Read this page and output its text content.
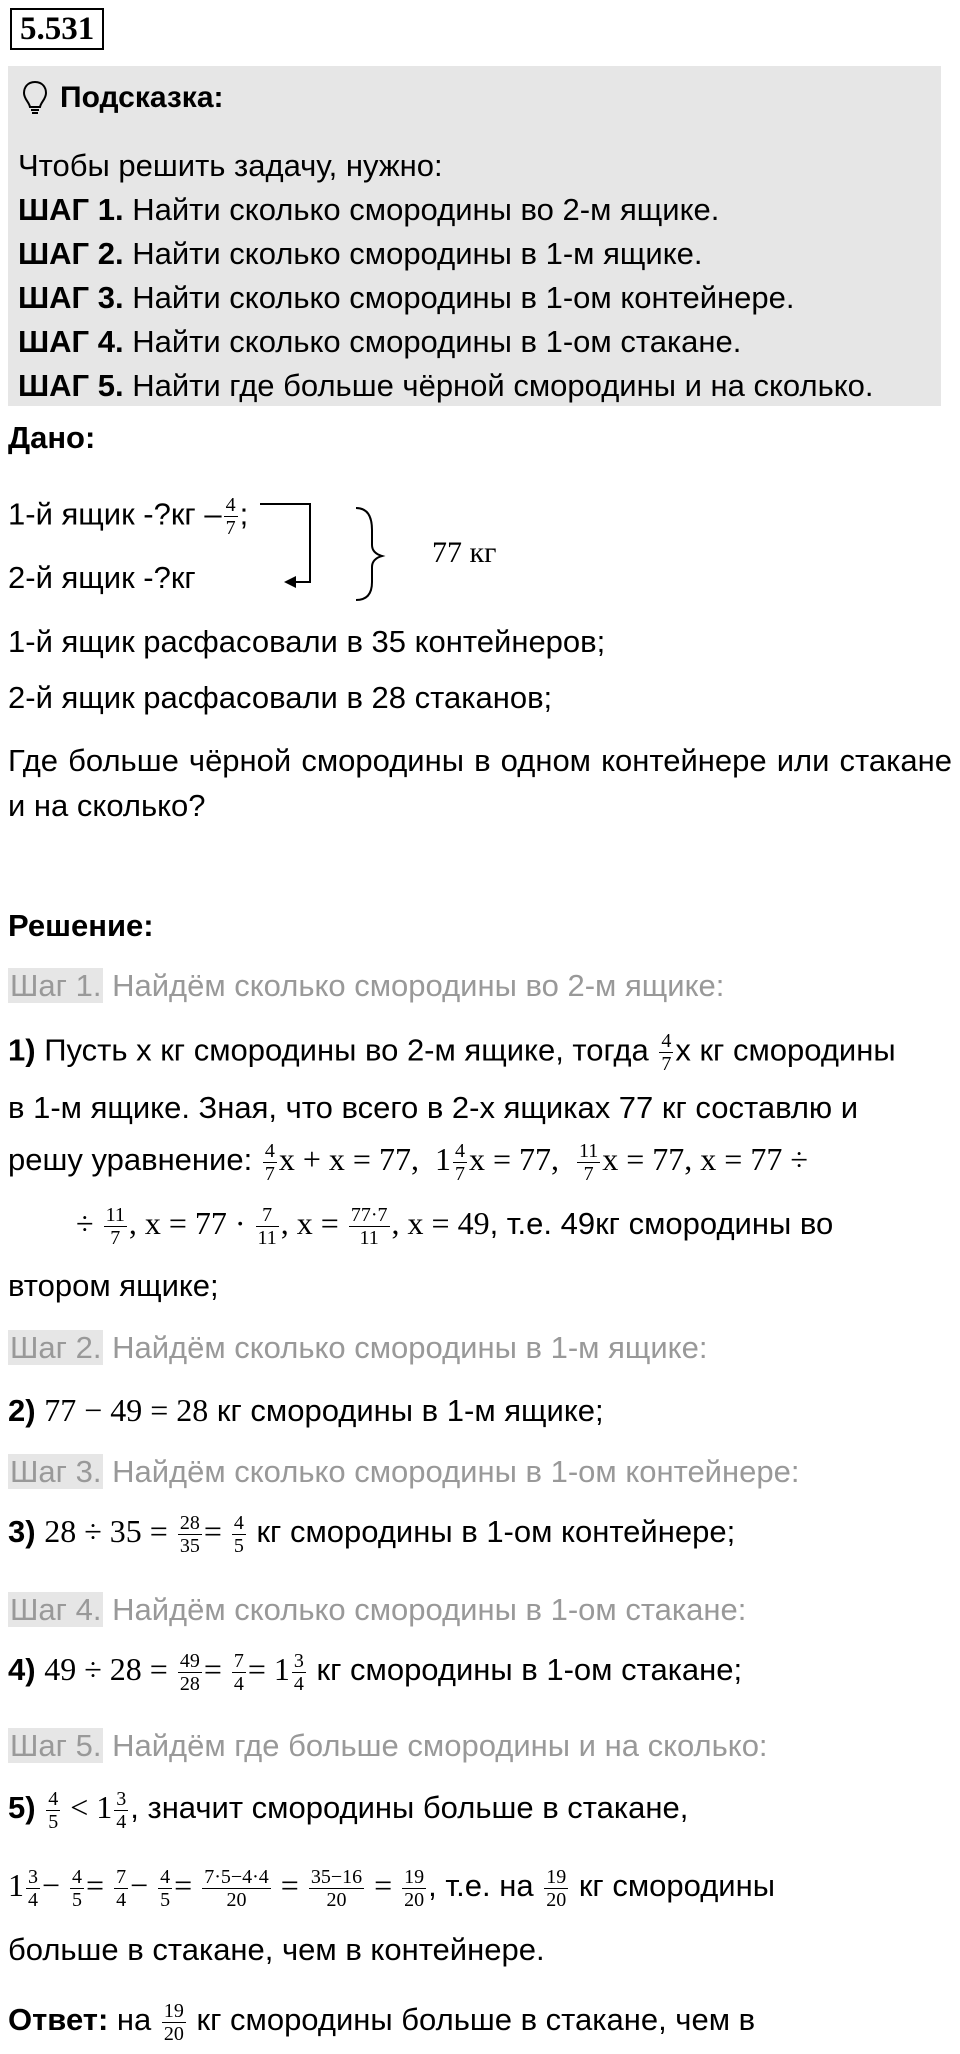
5.531
Подсказка:
Чтобы решить задачу, нужно:
ШАГ 1. Найти сколько смородины во 2-м ящике.
ШАГ 2. Найти сколько смородины в 1-м ящике.
ШАГ 3. Найти сколько смородины в 1-ом контейнере.
ШАГ 4. Найти сколько смородины в 1-ом стакане.
ШАГ 5. Найти где больше чёрной смородины и на сколько.
Дано:
1-й ящик -?кг – $\frac{4}{7}$ ;
2-й ящик -?кг
77 кг
1-й ящик расфасовали в 35 контейнеров;
2-й ящик расфасовали в 28 стаканов;
Где больше чёрной смородины в одном контейнере или стакане и на сколько?
Решение:
Шаг 1. Найдём сколько смородины во 2-м ящике:
1) Пусть x кг смородины во 2-м ящике, тогда $\frac{4}{7}$ x кг смородины
в 1-м ящике. Зная, что всего в 2-х ящиках 77 кг составлю и
решу уравнение: $\frac{4}{7}$ x + x = 77,  $1 \frac{4}{7}$ x = 77, $\frac{11}{7}$ x = 77, x = 77 ÷
÷ $\frac{11}{7}$ , $x = 77 \cdot \frac{7}{11}$ , $x = \frac{77\cdot 7}{11}$ , x = 49, т.е. 49кг смородины во
втором ящике;
Шаг 2. Найдём сколько смородины в 1-м ящике:
2) 77 − 49 = 28 кг смородины в 1-м ящике;
Шаг 3. Найдём сколько смородины в 1-ом контейнере:
3) $28 \div 35 = \frac{28}{35} = \frac{4}{5}$ кг смородины в 1-ом контейнере;
Шаг 4. Найдём сколько смородины в 1-ом стакане:
4) $49 \div 28 = \frac{49}{28} = \frac{7}{4} = 1 \frac{3}{4}$ кг смородины в 1-ом стакане;
Шаг 5. Найдём где больше смородины и на сколько:
$5) \frac{4}{5} < 1 \frac{3}{4}$ , значит смородины больше в стакане,
$1 \frac{3}{4} - \frac{4}{5} = \frac{7}{4} - \frac{4}{5} = \frac{7\cdot 5-4\cdot 4}{20} = \frac{35-16}{20} = \frac{19}{20}$ , т.е. на $\frac{19}{20}$ кг смородины
больше в стакане, чем в контейнере.
Ответ: на $\frac{19}{20}$ кг смородины больше в стакане, чем в
